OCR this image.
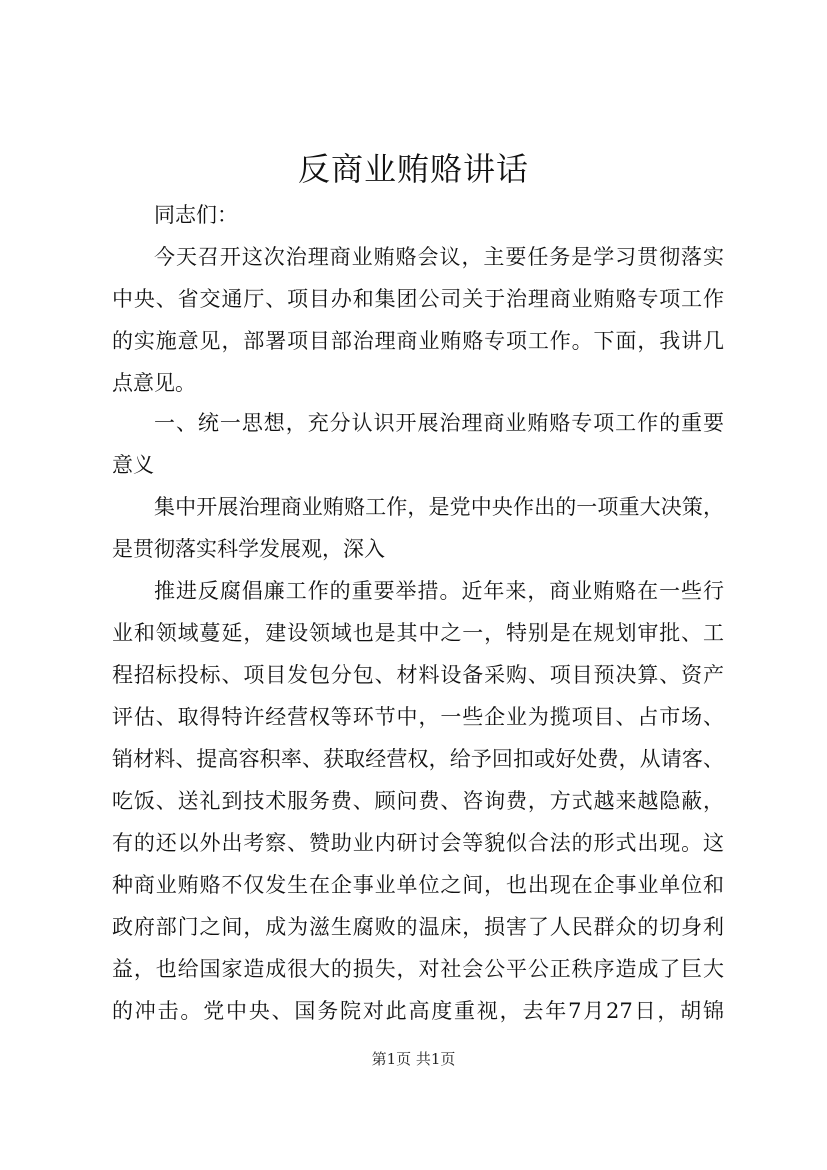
反商业贿赂讲话
同志们：
今天召开这次治理商业贿赂会议，主要任务是学习贯彻落实
中央、省交通厅、项目办和集团公司关于治理商业贿赂专项工作
的实施意见，部署项目部治理商业贿赂专项工作。下面，我讲几
点意见。
一、统一思想，充分认识开展治理商业贿赂专项工作的重要
意义
集中开展治理商业贿赂工作，是党中央作出的一项重大决策，
是贯彻落实科学发展观，深入
推进反腐倡廉工作的重要举措。近年来，商业贿赂在一些行
业和领域蔓延，建设领域也是其中之一，特别是在规划审批、工
程招标投标、项目发包分包、材料设备采购、项目预决算、资产
评估、取得特许经营权等环节中，一些企业为揽项目、占市场、
销材料、提高容积率、获取经营权，给予回扣或好处费，从请客、
吃饭、送礼到技术服务费、顾问费、咨询费，方式越来越隐蔽，
有的还以外出考察、赞助业内研讨会等貌似合法的形式出现。这
种商业贿赂不仅发生在企事业单位之间，也出现在企事业单位和
政府部门之间，成为滋生腐败的温床，损害了人民群众的切身利
益，也给国家造成很大的损失，对社会公平公正秩序造成了巨大
的冲击。党中央、国务院对此高度重视，去年7月27日，胡锦
第1页 共1页
